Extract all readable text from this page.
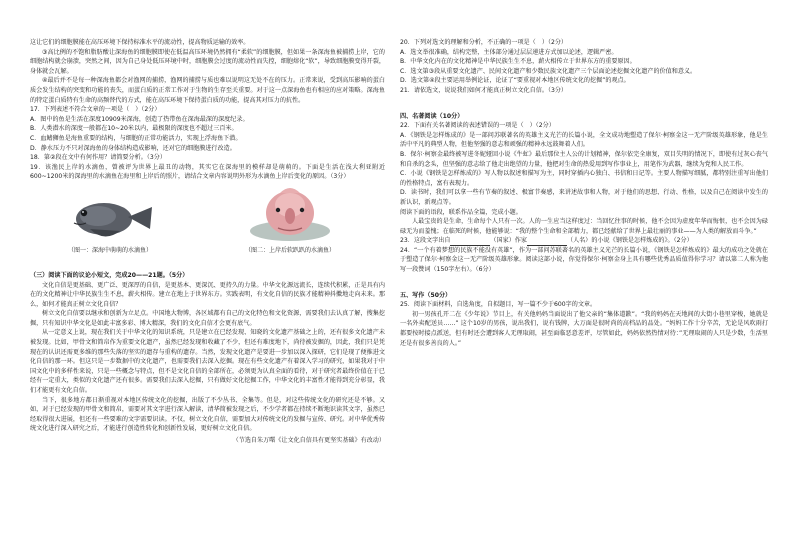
这让它们的细胞膜能在高压环境下保持标准水平的流动性，提高物质运输的效率。

③高比例的不饱和脂肪酸让深海鱼的细胞膜即使在低温高压环境仍然拥有“柔软”的细胞膜，但如果一条深海鱼被捕捞上岸，它的细胞结构就会崩溃，突然之间，因为自己身处低压环境中时，细胞膜会过度的流动性而失控，细胞熔化“软”，导致细胞膜变得开裂，身体就会瓦解。

④最后并不是每一种深海鱼都会对渔网的捕捞，渔网的捕捞与质也难以说明这无处不在的压力。正常来说，受到高压影响的蛋白质会发生结构的突变和功能的丧失，而蛋白质的正常工作对于生物的生存至关重要。对于这一点深海鱼也有相应的应对策略。深海鱼的特定蛋白质特有生命的高频替代的方式，能在高压环境下保持蛋白质的功能，提高其对压力的抗性。

17．下列表述不符合文章的一项是（　）（2分）

A．图中的鱼是生活在深度10909米深海，创造了热带鱼在深海最深的深度纪录。

B．人类潜水的深度一般都在10~20米以内，最极限的深度也不超过三百米。

C．血鳍狮鱼是海鱼重要的结构，与细胞的正常功能活力，实现上浮海鱼下潜。

D．静水压力不只对深海鱼的身体结构造成影响，还对它的细胞膜进行改造。

18．第②段在文中有何作用？请简要分析。（3分）

19．该渔民上岸的水滴鱼，曾被评为世界上最丑的动物，其实它在深海里的模样却是萌萌的。下面是生活在浅大利亚附近600~1200米的深海里的水滴鱼在海里和上岸后的照片，请结合文章内容说明外形为水滴鱼上岸后变化的原因。（3分）

（图一：深海中萌萌的水滴鱼）	（图二：上岸后软趴趴的水滴鱼）

（三）阅读下面的议论小短文，完成20——21题。（5分）

文化自信是更基础、更广泛、更深厚的自信，是更基本、更深沉、更持久的力量。中华文化源远流长，连续代积累，正是具有内在的文化精神让中华民族生生不息，薪火相传。建立在地上于世界东方。实践表明，有文化自信的民族才能精神抖擞地走向未来。那么，如何才能真正树立文化自信？

树立文化自信要以继承和创新为立足点。中国地大物博，各区域都有自己的文化特色和文化资源，需要我们去认真了解，搜集挖掘，只有知识中华文化是如此丰富多彩、博大精深，我们的文化自信才会更有底气。

从一定意义上说，现在我们关于中华文化的知识系统，只是建立在已经发现、知晓的文化遗产基础之上的，还有很多文化遗产未被发现。比如，甲骨文和简帛作为重要文化遗产，虽然已经发现和收藏了不少，但还有难度地下，尚待被发掘的，因此，我们只是凭现在的认识还需更多维的那些失落的坚实的遗存与重构的遗存。当然，发现文化遗产是要进一步加以深入探研，它们是现了便推进文化自信的那一环。但这只是一步数据中的文化遗产，也需要我们去深入挖掘。现在有些文化遗产有着深入学习的研究，如果我对于中国文化中的多样性来说，只是一些概念与特点，但不是文化自信的全部所在，必须更为认真全面的看待，对于研究者最终价值在于已经有一定重大，类似的文化遗产还有很多。需要我们去深入挖掘，只有做好文化挖掘工作，中华文化的丰富性才能得到充分彰显，我们才能更有文化自信。

当下，很多地方都日渐重视对本地区传统文化的挖掘，出版了不少丛书、全集等。但是，对这些传统文化的研究还是不够。又如，对于已经发现的甲骨文和简帛，需要对其文字进行深入解读，清华简被发现之后，不少学者都在持续不断地识读其文字，虽然已经取得很大进展，但还有一些要难的文字需要识读。不仅，树立文化自信，需要加大对传统文化的发掘与宣传、研究。对中华优秀传统文化进行深入研究之后，才能进行创造性转化和创新性发展，更好树立文化自信。

（节选自朱万曙《让文化自信具有更坚实基础》有改动）

20．下列对选文的理解和分析，不正确的一项是（　）（2分）

A．选文举很准确，结构完整，主体部分通过层层递进方式加以论述，逻辑严密。

B．中华文化内在的文化精神是中华民族生生不息，薪火相传立于世界东方的重要原因。

C．选文第③段从重要文化遗产、民间文化遗产和少数民族文化遗产三个层面论述挖掘文化遗产的价值和意义。

D．选文第④段主要运用举例论证，论证了“要重视对本地区传统文化的挖掘”的观点。

21．请依选文，说说我们如何才能真正树立文化自信。（3分）

四、名著阅读（10分）

22．下面有关名著阅读的表述错误的一项是（　）（2分）

A．《钢铁是怎样炼成的》是一部问苏联著名的英雄主义光芒的长篇小说，全文成功地塑造了保尔·柯察金这一无产阶级英雄形象，他是生活中平凡的典型人物，但他坚强的意志和顽强的精神永远鼓舞着人们。

B．保尔·柯察金最终被写进冬妮娅回小说《牛虻》最后那位主人公的计划精神，保尔依完全康复，双目失明的情况下，即使有过灰心丧气和自杀的念头，但坚强的意志给了他走出绝望的力量，他把对生命的热爱用到写作事业上，用笔作为武器，继续为党和人民工作。

C．小说《钢铁是怎样炼成的》写人物以叙述和描写为主，同时穿插内心独白、书信和日记等。主要人物描写细腻，都特别注重写出他们的性格特点，富有表现力。

D．读书时，我们可以拿一些有节奏的叙述、极富节奏感，来讲述故事和人物，对于他们的思想、行动、性格，以及自己在阅读中发生的新认识，新观点等。

阅读下面的语段，联系作品全篇，完成小题。

人最宝贵的是生命，生命每个人只有一次。人的一生应当这样度过：当回忆往事的时候，他不会因为虚度年华而悔恨，也不会因为碌碌无为而羞愧；在临死的时候，他能够说：“我的整个生命和全部精力，都已经献给了世界上最壮丽的事业——为人类的解放而斗争。”

23．这段文字出自	（国家）作家	（人名）的小说《钢铁是怎样炼成的》。（2分）

24．“一个有着梦想的民族不能没有英雄”，作为一部问苏联著名的英雄主义光芒的长篇小说，《钢铁是怎样炼成的》最大的成功之处就在于塑造了保尔·柯察金这一无产阶级英雄形象。阅读这部小说，你觉得保尔·柯察金身上具有哪些优秀品质值得你学习？请以第二人称为他写一段赞词（150字左右）。（6分）

五、写作（50分）

25．阅读下面材料，自选角度，自拟题目，写一篇不少于600字的文章。

初一男孩孔开二在《少年说》节目上，有关他妈妈当面说出了他父亲的“集体道歉”。“我的妈妈在天地间的大街小巷里穿梭，她就是一名外卖配送员……” 这个10岁的男孩，说出我们，说有钱牌，大万面是很时尚的高档品的品处。“妈妈工作十分辛苦，无论是风吹雨打都要按时接点派送，但有时还会遭到客人无理取闹，甚至面临恶意差评，尽管如此，妈妈依然热情对待：”无理取闹的人只是少数，生活里还是有很多善良的人。”
